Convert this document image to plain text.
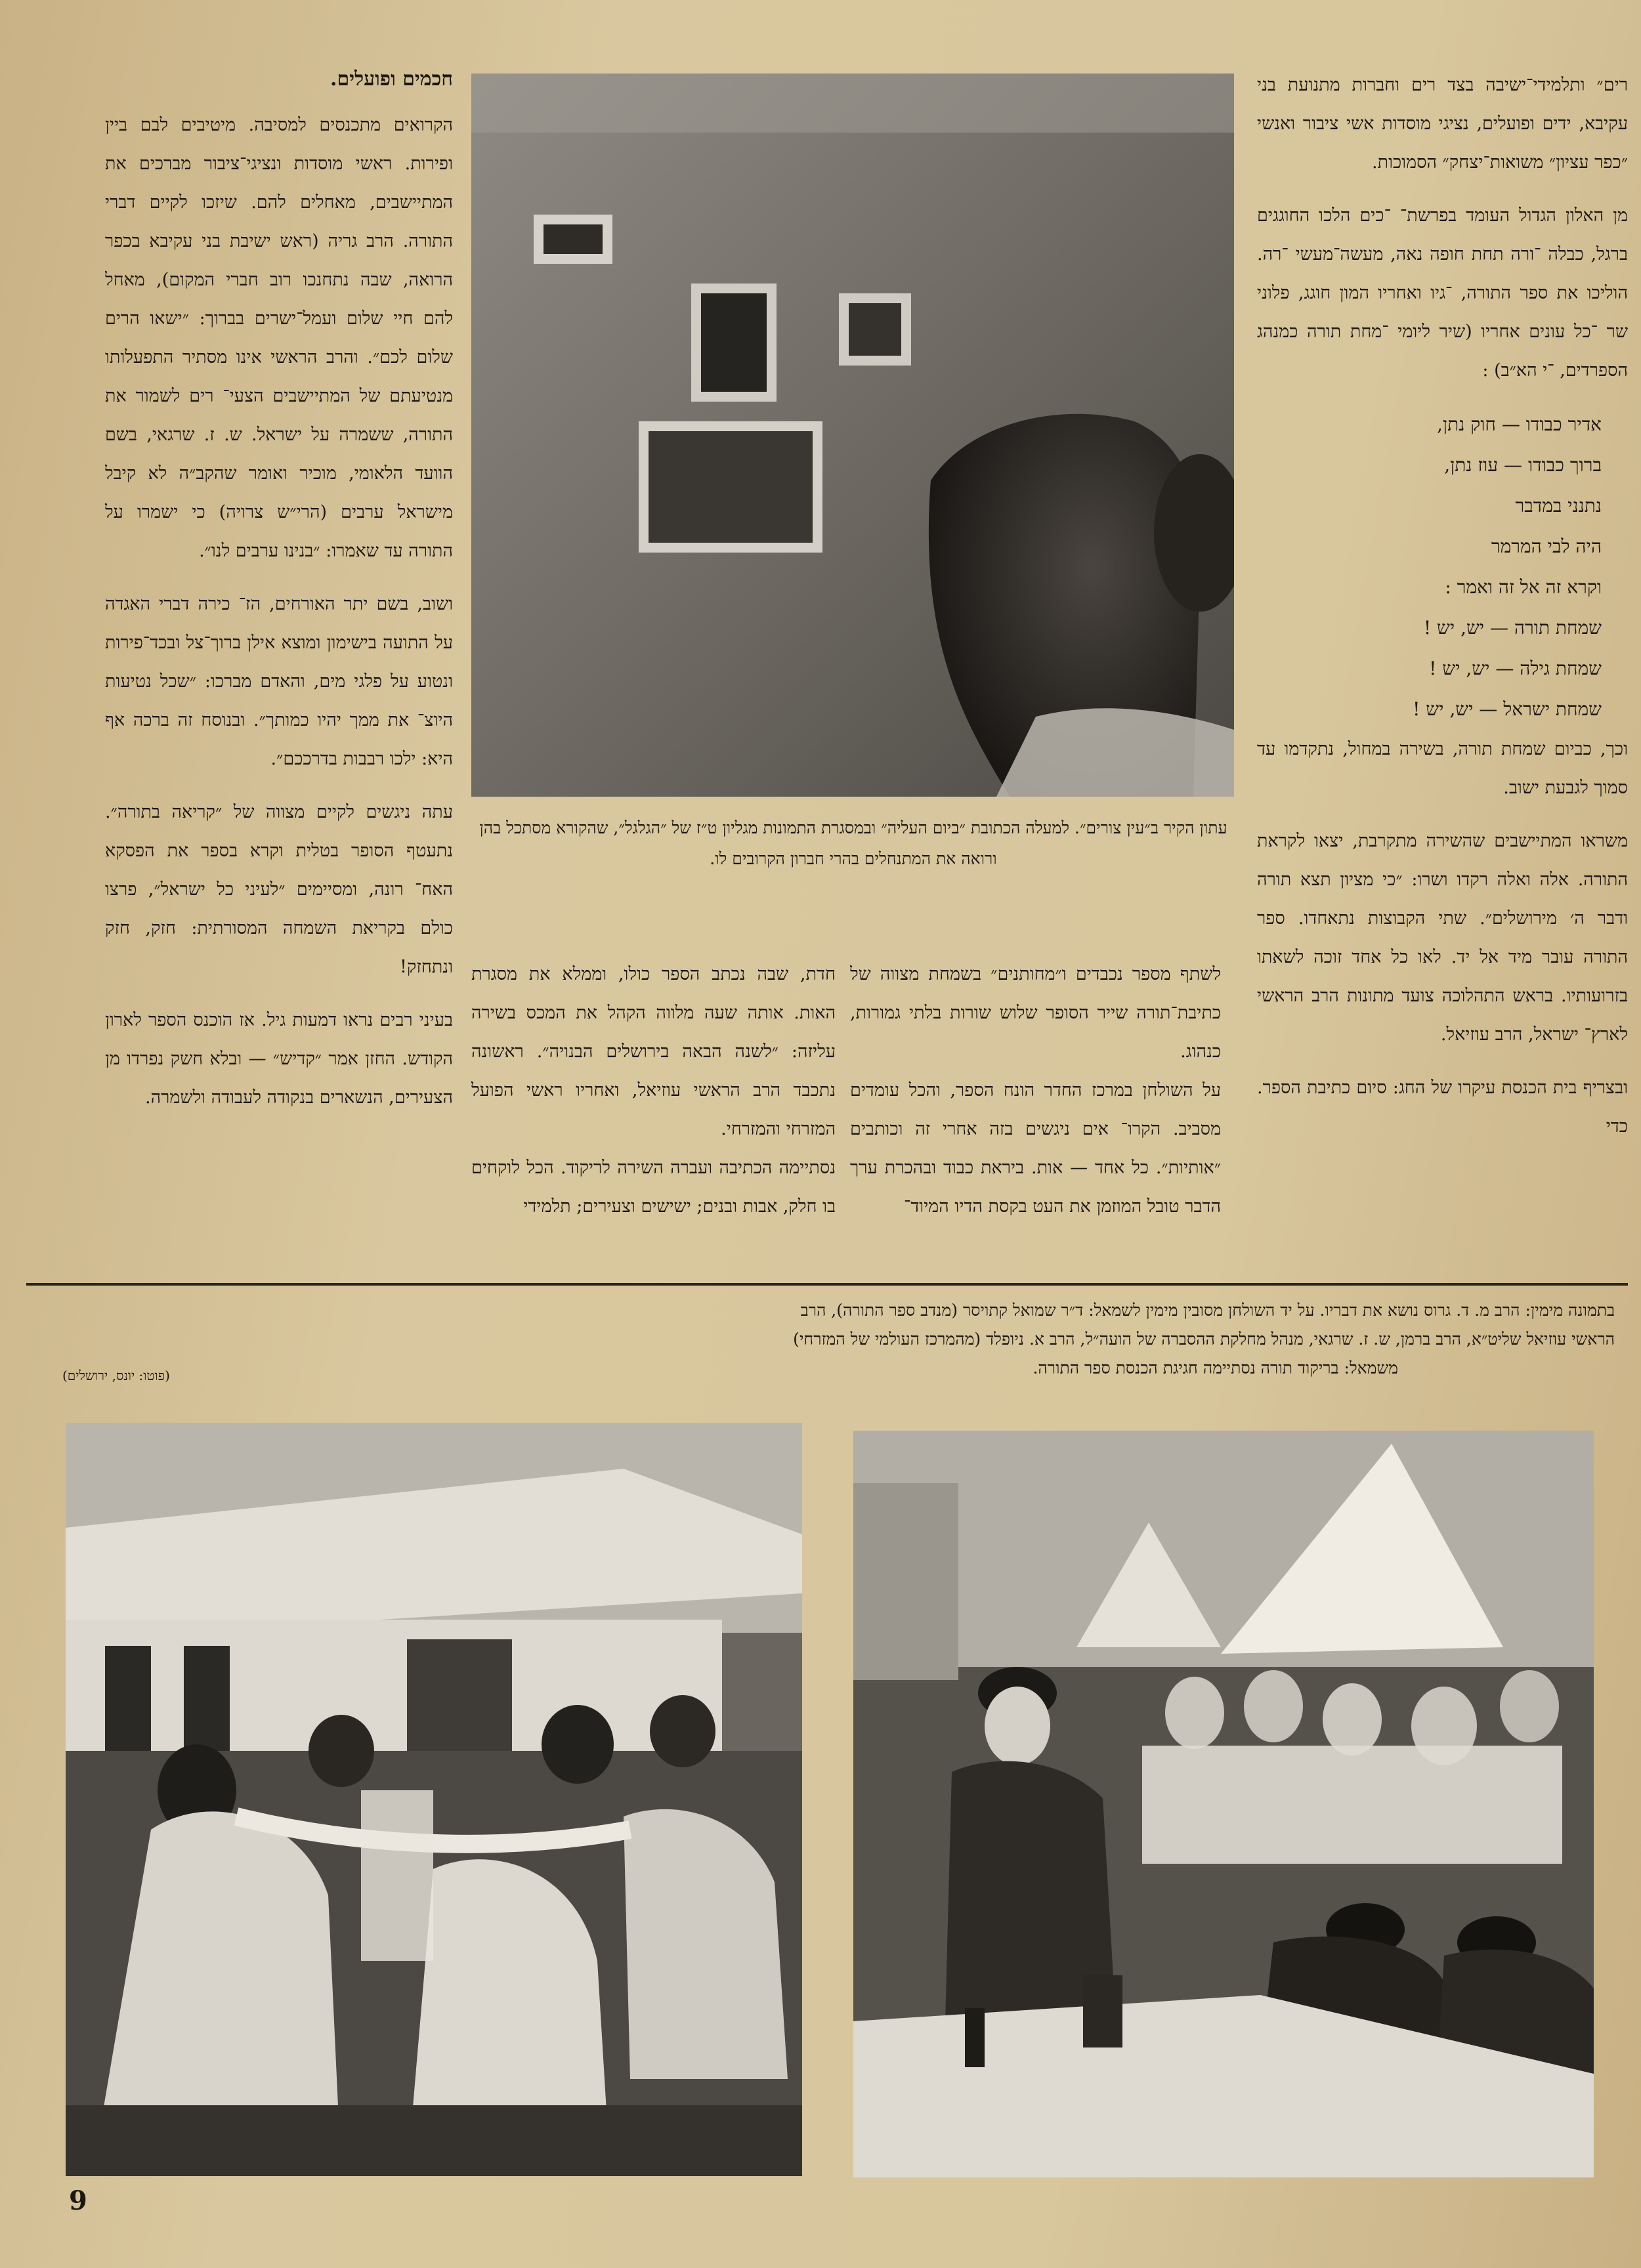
רים״ ותלמידי־ישיבה בצד רים וחברות מתנועת בני עקיבא, ידים ופועלים, נציגי מוסדות אשי ציבור ואנשי ״כפר עציון״ משואות־יצחק״ הסמוכות.

מן האלון הגדול העומד בפרשת־ ־כים הלכו החוגגים ברגל, כבלה ־ורה תחת חופה נאה, מעשה־מעשי ־רה. הוליכו את ספר התורה, ־גיו ואחריו המון חוגג, פלוני שר ־כל עונים אחריו (שיר ליומי ־מחת תורה כמנהג הספרדים, ־י הא״ב) :

אדיר כבודו — חוק נתן,
ברוך כבודו — עוז נתן,
נתנני במדבר
היה לבי המרמר
וקרא זה אל זה ואמר :
שמחת תורה — יש, יש !
שמחת גילה — יש, יש !
שמחת ישראל — יש, יש !

וכך, כביום שמחת תורה, בשירה במחול, נתקדמו עד סמוך לגבעת ישוב.

משראו המתיישבים שהשירה מתקרבת, יצאו לקראת התורה. אלה ואלה רקדו ושרו: ״כי מציון תצא תורה ודבר ה׳ מירושלים״. שתי הקבוצות נתאחדו. ספר התורה עובר מיד אל יד. לאו כל אחד זוכה לשאתו בזרועותיו. בראש התהלוכה צועד מתונות הרב הראשי לארץ־ ישראל, הרב עוזיאל.

ובצריף בית הכנסת עיקרו של החג: סיום כתיבת הספר. כדי

חכמים ופועלים.

הקרואים מתכנסים למסיבה. מיטיבים לבם ביין ופירות. ראשי מוסדות ונציגי־ציבור מברכים את המתיישבים, מאחלים להם. שיזכו לקיים דברי התורה. הרב גריה (ראש ישיבת בני עקיבא בכפר הרואה, שבה נתחנכו רוב חברי המקום), מאחל להם חיי שלום ועמל־ישרים בברוך: ״ישאו הרים שלום לכם״. והרב הראשי אינו מסתיר התפעלותו מנטיעתם של המתיישבים הצעי־ רים לשמור את התורה, ששמרה על ישראל. ש. ז. שרגאי, בשם הוועד הלאומי, מוכיר ואומר שהקב״ה לא קיבל מישראל ערבים (הרי״ש צרויה) כי ישמרו על התורה עד שאמרו: ״בנינו ערבים לנו״.

ושוב, בשם יתר האורחים, הז־ כירה דברי האגדה על התועה בישימון ומוצא אילן ברוך־צל ובכד־פירות ונטוע על פלגי מים, והאדם מברכו: ״שכל נטיעות היוצ־ את ממך יהיו כמותך״. ובנוסח זה ברכה אף היא: ילכו רבבות בדרככם״.

עתה ניגשים לקיים מצווה של ״קריאה בתורה״. נתעטף הסופר בטלית וקרא בספר את הפסקא האח־ רונה, ומסיימים ״לעיני כל ישראל״, פרצו כולם בקריאת השמחה המסורתית: חזק, חזק ונתחזק!

בעיני רבים נראו דמעות גיל. אז הוכנס הספר לארון הקודש. החזן אמר ״קדיש״ — ובלא חשק נפרדו מן הצעירים, הנשארים בנקודה לעבודה ולשמרה.

עתון הקיר ב״עין צורים״. למעלה הכתובת ״ביום העליה״ ובמסגרת התמונות מגליון ט״ז של ״הגלגל״, שהקורא מסתכל בהן ורואה את המתנחלים בהרי חברון הקרובים לו.
לשתף מספר נכבדים ו״מחותנים״ בשמחת מצווה של כתיבת־תורה שייר הסופר שלוש שורות בלתי גמורות, כנהוג.
על השולחן במרכז החדר הונח הספר, והכל עומדים מסביב. הקרו־ אים ניגשים בזה אחרי זה וכותבים ״אותיות״. כל אחד — אות. ביראת כבוד ובהכרת ערך הדבר טובל המוזמן את העט בקסת הדיו המיוד־
חדת, שבה נכתב הספר כולו, וממלא את מסגרת האות. אותה שעה מלווה הקהל את המכס בשירה עליזה: ״לשנה הבאה בירושלים הבנויה״. ראשונה נתכבד הרב הראשי עוזיאל, ואחריו ראשי הפועל המזרחי והמזרחי.
נסתיימה הכתיבה ועברה השירה לריקוד. הכל לוקחים בו חלק, אבות ובנים; ישישים וצעירים; תלמידי
בתמונה מימין: הרב מ. ד. גרוס נושא את דבריו. על יד השולחן מסובין מימין לשמאל: ד״ר שמואל קתויסר (מנדב ספר התורה), הרב
הראשי עוזיאל שליט״א, הרב ברמן, ש. ז. שרגאי, מנהל מחלקת ההסברה של הועה״ל, הרב א. ניופלד (מהמרכז העולמי של המזרחי)
משמאל: בריקוד תורה נסתיימה חגיגת הכנסת ספר התורה.
(פוטו: יונס, ירושלים)
9
